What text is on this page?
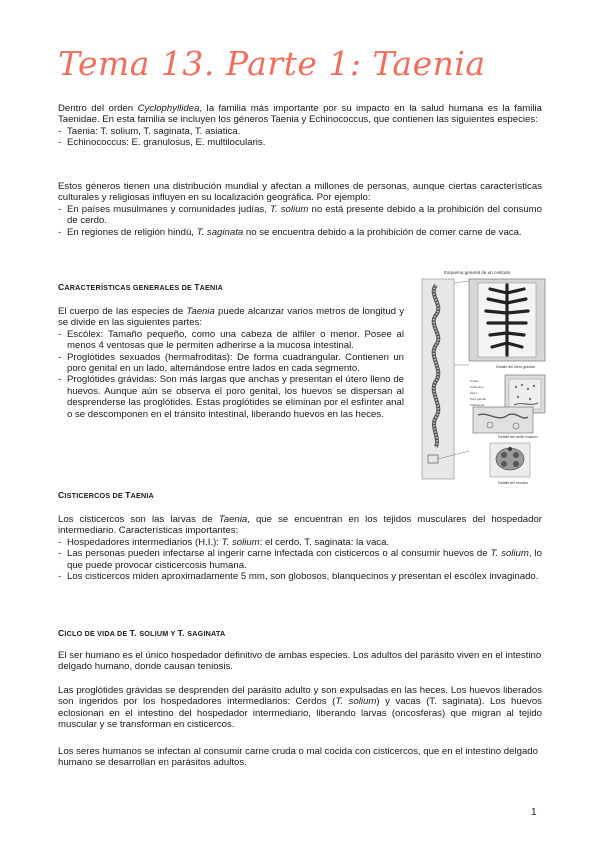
Tema 13. Parte 1: Taenia

Dentro del orden Cyclophyllidea, la familia más importante por su impacto en la salud humana es la familia Taenidae. En esta familia se incluyen los géneros Taenia y Echinococcus, que contienen las siguientes especies:

- Taenia: T. solium, T. saginata, T. asiatica.
- Echinococcus: E. granulosus, E. multilocularis.

Estos géneros tienen una distribución mundial y afectan a millones de personas, aunque ciertas características culturales y religiosas influyen en su localización geográfica. Por ejemplo:

- En países musulmanes y comunidades judías, T. solium no está presente debido a la prohibición del consumo de cerdo.
- En regiones de religión hindú, T. saginata no se encuentra debido a la prohibición de comer carne de vaca.
CARACTERÍSTICAS GENERALES DE TAENIA

El cuerpo de las especies de Taenia puede alcanzar varios metros de longitud y se divide en las siguientes partes:

- Escólex: Tamaño pequeño, como una cabeza de alfiler o menor. Posee al menos 4 ventosas que le permiten adherirse a la mucosa intestinal.
- Proglótides sexuados (hermafroditas): De forma cuadrangular. Contienen un poro genital en un lado, alternándose entre lados en cada segmento.
- Proglótides grávidas: Son más largas que anchas y presentan el útero lleno de huevos. Aunque aún se observa el poro genital, los huevos se dispersan al desprenderse las proglótides. Estas proglótides se eliminan por el esfínter anal o se descomponen en el tránsito intestinal, liberando huevos en las heces.
Esquema general de un cestodo
Detalle del útero grávido
Ovario
Testículos
Útero
Poro genital
Vitelógena
Detalle del anillo maduro
Detalle del escólex
CISTICERCOS DE TAENIA

Los cisticercos son las larvas de Taenia, que se encuentran en los tejidos musculares del hospedador intermediario. Características importantes:

- Hospedadores intermediarios (H.I.): T. solium: el cerdo. T. saginata: la vaca.
- Las personas pueden infectarse al ingerir carne infectada con cisticercos o al consumir huevos de T. solium, lo que puede provocar cisticercosis humana.
- Los cisticercos miden aproximadamente 5 mm, son globosos, blanquecinos y presentan el escólex invaginado.
CICLO DE VIDA DE T. SOLIUM Y T. SAGINATA
El ser humano es el único hospedador definitivo de ambas especies. Los adultos del parásito viven en el intestino delgado humano, donde causan teniosis.

Las proglótides grávidas se desprenden del parásito adulto y son expulsadas en las heces. Los huevos liberados son ingeridos por los hospedadores intermediarios: Cerdos (T. solium) y vacas (T. saginata). Los huevos eclosionan en el intestino del hospedador intermediario, liberando larvas (oncosferas) que migran al tejido muscular y se transforman en cisticercos.

Los seres humanos se infectan al consumir carne cruda o mal cocida con cisticercos, que en el intestino delgado humano se desarrollan en parásitos adultos.
1
